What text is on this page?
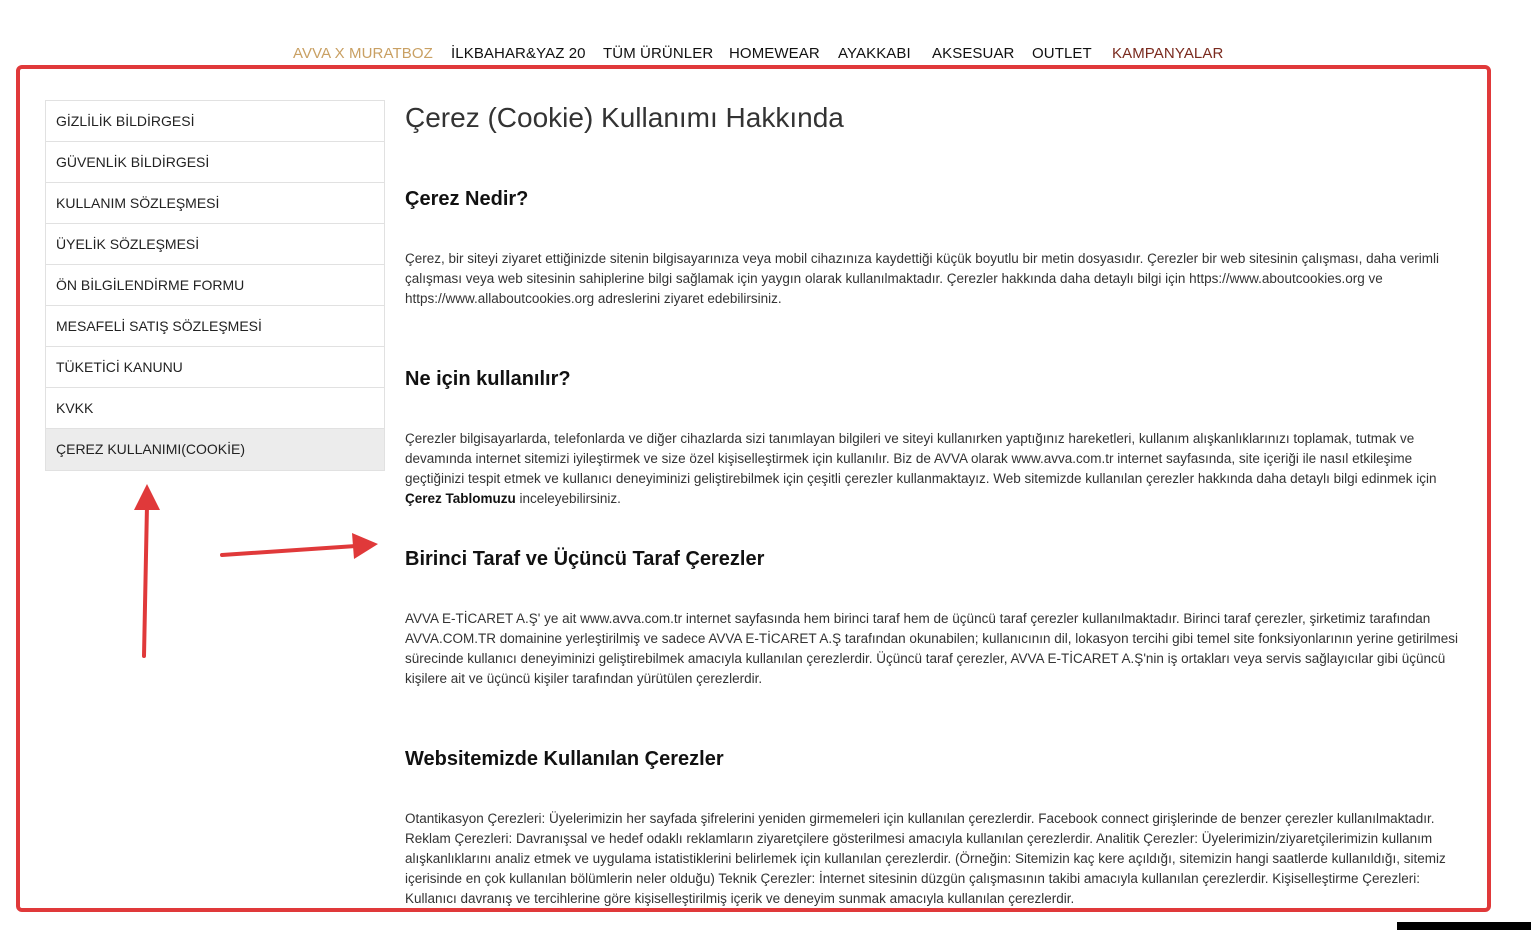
AVVA X MURATBOZ İLKBAHAR&YAZ 20 TÜM ÜRÜNLER HOMEWEAR AYAKKABI AKSESUAR OUTLET KAMPANYALAR
GİZLİLİK BİLDİRGESİ
GÜVENLİK BİLDİRGESİ
KULLANIM SÖZLEŞMESİ
ÜYELİK SÖZLEŞMESİ
ÖN BİLGİLENDİRME FORMU
MESAFELİ SATIŞ SÖZLEŞMESİ
TÜKETİCİ KANUNU
KVKK
ÇEREZ KULLANIMI(COOKİE)
Çerez (Cookie) Kullanımı Hakkında
Çerez Nedir?

Çerez, bir siteyi ziyaret ettiğinizde sitenin bilgisayarınıza veya mobil cihazınıza kaydettiği küçük boyutlu bir metin dosyasıdır. Çerezler bir web sitesinin çalışması, daha verimli çalışması veya web sitesinin sahiplerine bilgi sağlamak için yaygın olarak kullanılmaktadır. Çerezler hakkında daha detaylı bilgi için https://www.aboutcookies.org ve https://www.allaboutcookies.org adreslerini ziyaret edebilirsiniz.

Ne için kullanılır?

Çerezler bilgisayarlarda, telefonlarda ve diğer cihazlarda sizi tanımlayan bilgileri ve siteyi kullanırken yaptığınız hareketleri, kullanım alışkanlıklarınızı toplamak, tutmak ve devamında internet sitemizi iyileştirmek ve size özel kişiselleştirmek için kullanılır. Biz de AVVA olarak www.avva.com.tr internet sayfasında, site içeriği ile nasıl etkileşime geçtiğinizi tespit etmek ve kullanıcı deneyiminizi geliştirebilmek için çeşitli çerezler kullanmaktayız. Web sitemizde kullanılan çerezler hakkında daha detaylı bilgi edinmek için Çerez Tablomuzu inceleyebilirsiniz.

Birinci Taraf ve Üçüncü Taraf Çerezler

AVVA E-TİCARET A.Ş' ye ait www.avva.com.tr internet sayfasında hem birinci taraf hem de üçüncü taraf çerezler kullanılmaktadır. Birinci taraf çerezler, şirketimiz tarafından AVVA.COM.TR domainine yerleştirilmiş ve sadece AVVA E-TİCARET A.Ş tarafından okunabilen; kullanıcının dil, lokasyon tercihi gibi temel site fonksiyonlarının yerine getirilmesi sürecinde kullanıcı deneyiminizi geliştirebilmek amacıyla kullanılan çerezlerdir. Üçüncü taraf çerezler, AVVA E-TİCARET A.Ş'nin iş ortakları veya servis sağlayıcılar gibi üçüncü kişilere ait ve üçüncü kişiler tarafından yürütülen çerezlerdir.

Websitemizde Kullanılan Çerezler

Otantikasyon Çerezleri: Üyelerimizin her sayfada şifrelerini yeniden girmemeleri için kullanılan çerezlerdir. Facebook connect girişlerinde de benzer çerezler kullanılmaktadır. Reklam Çerezleri: Davranışsal ve hedef odaklı reklamların ziyaretçilere gösterilmesi amacıyla kullanılan çerezlerdir. Analitik Çerezler: Üyelerimizin/ziyaretçilerimizin kullanım alışkanlıklarını analiz etmek ve uygulama istatistiklerini belirlemek için kullanılan çerezlerdir. (Örneğin: Sitemizin kaç kere açıldığı, sitemizin hangi saatlerde kullanıldığı, sitemiz içerisinde en çok kullanılan bölümlerin neler olduğu) Teknik Çerezler: İnternet sitesinin düzgün çalışmasının takibi amacıyla kullanılan çerezlerdir. Kişiselleştirme Çerezleri: Kullanıcı davranış ve tercihlerine göre kişiselleştirilmiş içerik ve deneyim sunmak amacıyla kullanılan çerezlerdir.
